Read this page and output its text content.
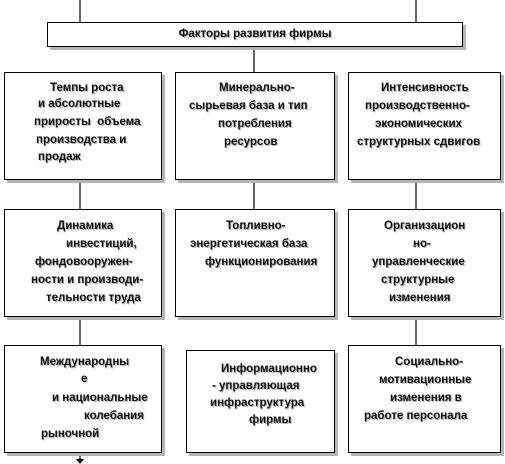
Факторы развития фирмы

Темпы роста

и абсолютные

приросты  объема

производства и

продаж

Динамика

инвестиций,

фондовооружен-

ности и производи-

тельности труда

Международны

е

и национальные

колебания

рыночной

Минерально-

сырьевая база и тип

потребления

ресурсов

Топливно-

энергетическая база

функционирования

Информационно

- управляющая

инфраструктура

фирмы

Интенсивность

производственно-

экономических

структурных сдвигов

Организацион

но-

управленческие

структурные

изменения

Социально-

мотивационные

изменения в

работе персонала
